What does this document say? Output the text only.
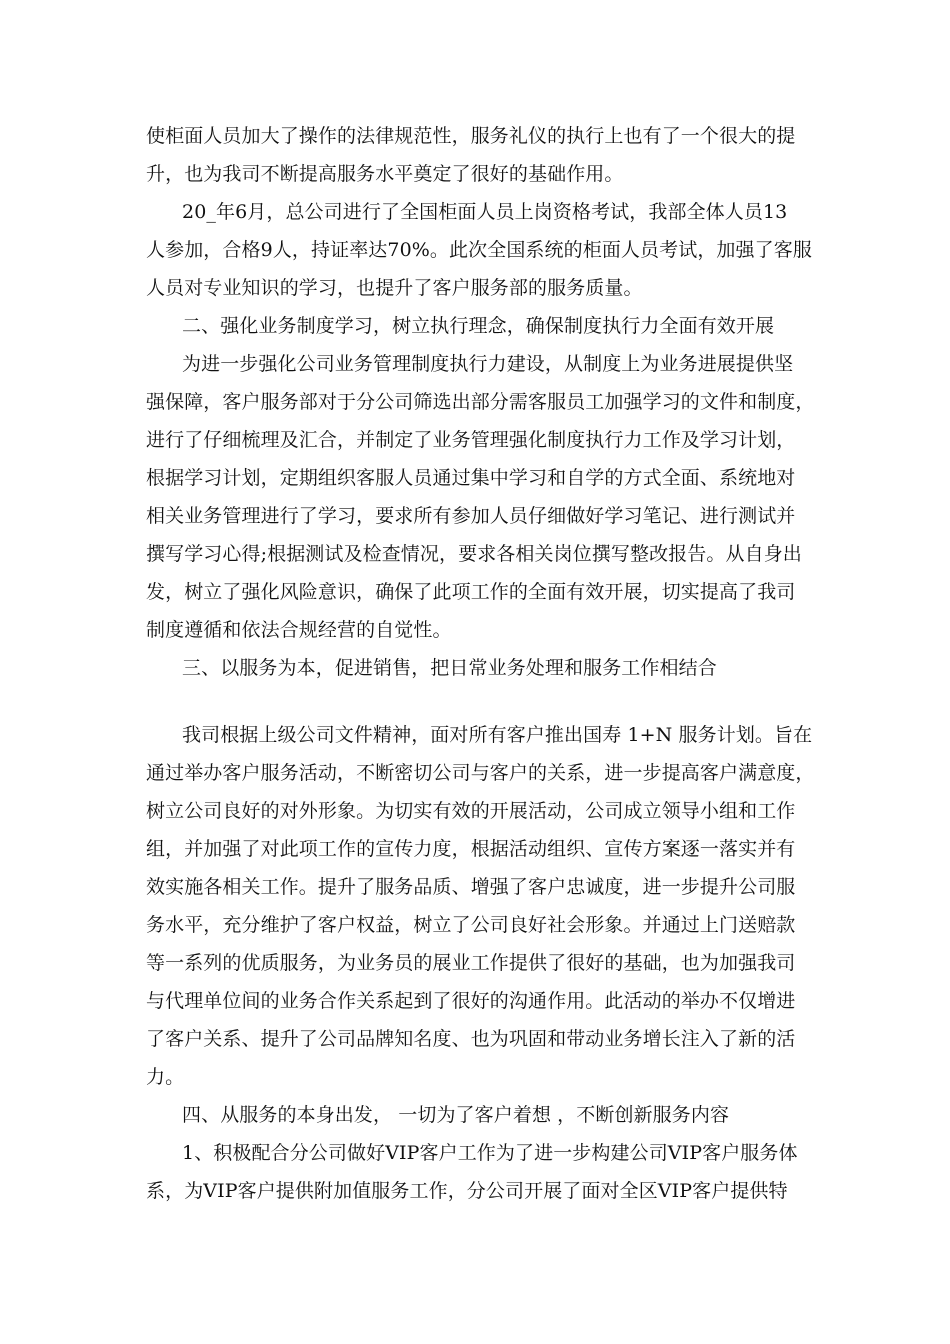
使柜面人员加大了操作的法律规范性，服务礼仪的执行上也有了一个很大的提
升，也为我司不断提高服务水平奠定了很好的基础作用。
20_年6月，总公司进行了全国柜面人员上岗资格考试，我部全体人员13
人参加，合格9人，持证率达70%。此次全国系统的柜面人员考试，加强了客服
人员对专业知识的学习，也提升了客户服务部的服务质量。
二、强化业务制度学习，树立执行理念，确保制度执行力全面有效开展
为进一步强化公司业务管理制度执行力建设，从制度上为业务进展提供坚
强保障，客户服务部对于分公司筛选出部分需客服员工加强学习的文件和制度，
进行了仔细梳理及汇合，并制定了业务管理强化制度执行力工作及学习计划，
根据学习计划，定期组织客服人员通过集中学习和自学的方式全面、系统地对
相关业务管理进行了学习，要求所有参加人员仔细做好学习笔记、进行测试并
撰写学习心得;根据测试及检查情况，要求各相关岗位撰写整改报告。从自身出
发，树立了强化风险意识，确保了此项工作的全面有效开展，切实提高了我司
制度遵循和依法合规经营的自觉性。
三、以服务为本，促进销售，把日常业务处理和服务工作相结合
我司根据上级公司文件精神，面对所有客户推出国寿 1+N 服务计划。旨在
通过举办客户服务活动，不断密切公司与客户的关系，进一步提高客户满意度，
树立公司良好的对外形象。为切实有效的开展活动，公司成立领导小组和工作
组，并加强了对此项工作的宣传力度，根据活动组织、宣传方案逐一落实并有
效实施各相关工作。提升了服务品质、增强了客户忠诚度，进一步提升公司服
务水平，充分维护了客户权益，树立了公司良好社会形象。并通过上门送赔款
等一系列的优质服务，为业务员的展业工作提供了很好的基础，也为加强我司
与代理单位间的业务合作关系起到了很好的沟通作用。此活动的举办不仅增进
了客户关系、提升了公司品牌知名度、也为巩固和带动业务增长注入了新的活
力。
四、从服务的本身出发， 一切为了客户着想 ，不断创新服务内容
1、积极配合分公司做好VIP客户工作为了进一步构建公司VIP客户服务体
系，为VIP客户提供附加值服务工作，分公司开展了面对全区VIP客户提供特
